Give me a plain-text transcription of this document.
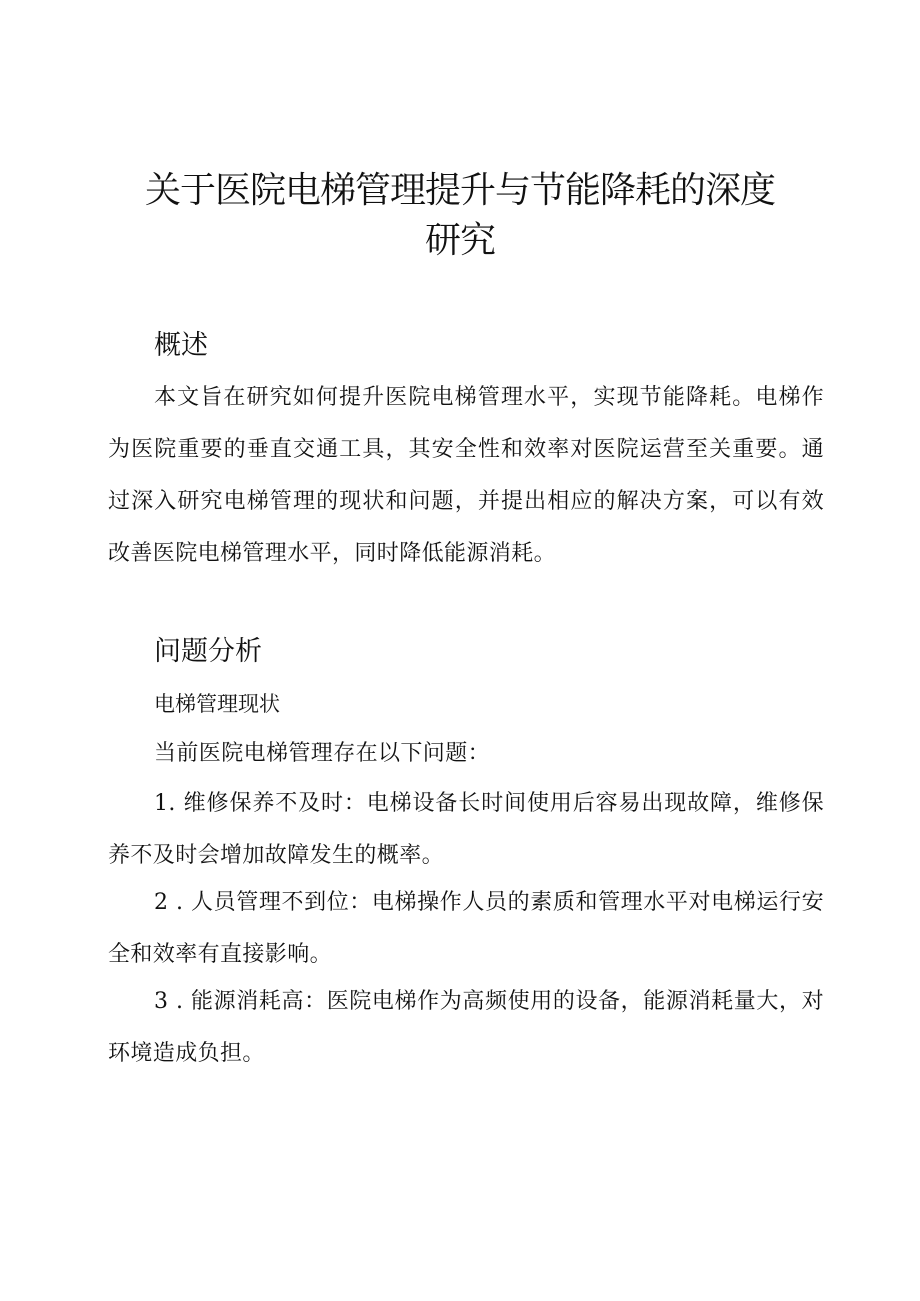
关于医院电梯管理提升与节能降耗的深度
研究
概述

本文旨在研究如何提升医院电梯管理水平，实现节能降耗。电梯作为医院重要的垂直交通工具，其安全性和效率对医院运营至关重要。通过深入研究电梯管理的现状和问题，并提出相应的解决方案，可以有效改善医院电梯管理水平，同时降低能源消耗。

问题分析
电梯管理现状

当前医院电梯管理存在以下问题：

1. 维修保养不及时：电梯设备长时间使用后容易出现故障，维修保养不及时会增加故障发生的概率。

2 . 人员管理不到位：电梯操作人员的素质和管理水平对电梯运行安全和效率有直接影响。

3 . 能源消耗高：医院电梯作为高频使用的设备，能源消耗量大，对环境造成负担。
